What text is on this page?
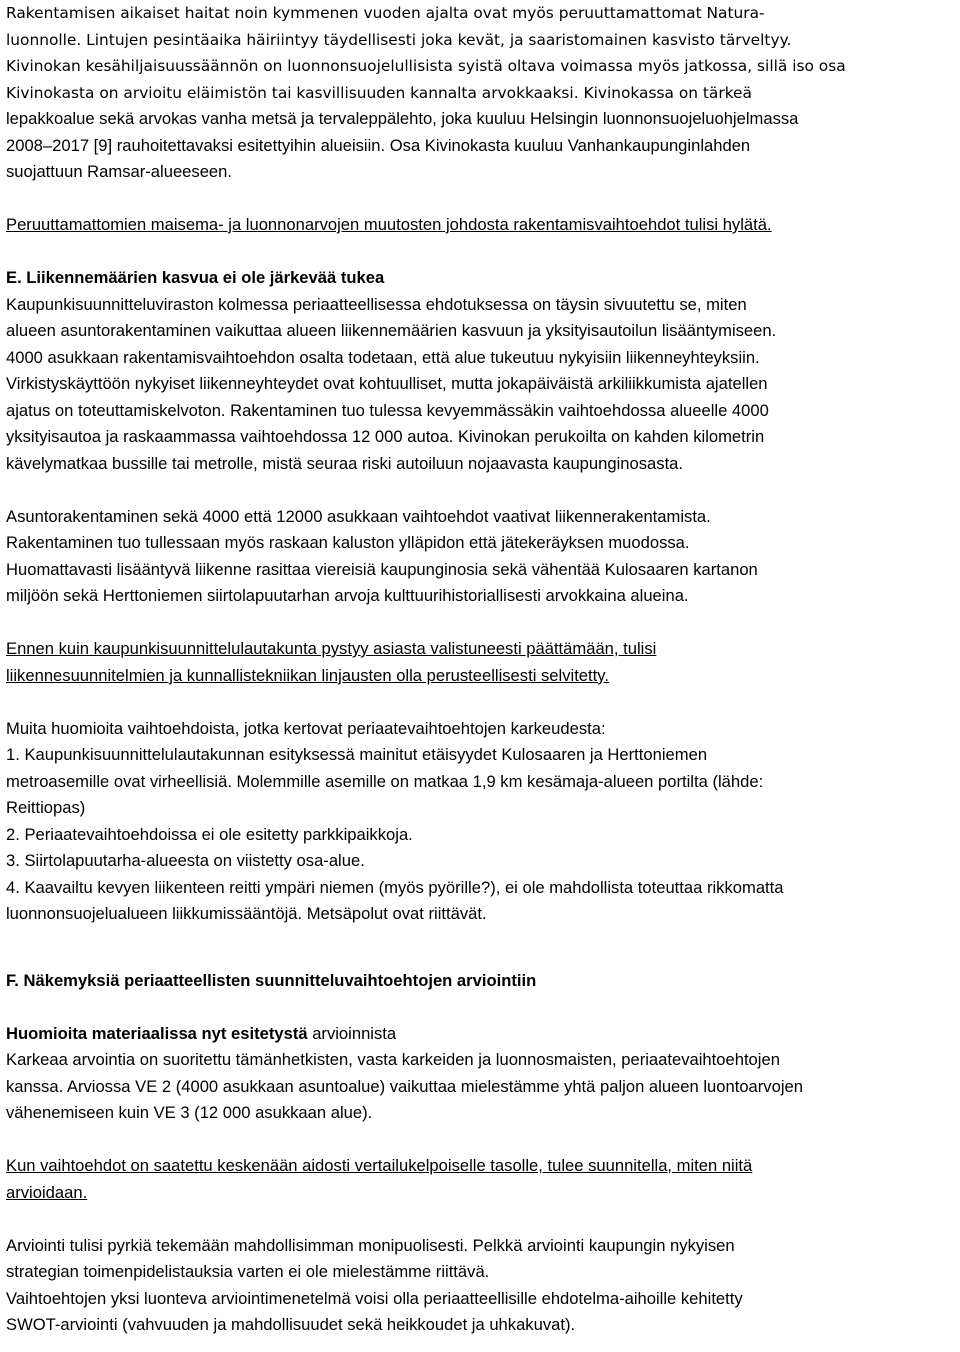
Rakentamisen aikaiset haitat noin kymmenen vuoden ajalta ovat myös peruuttamattomat Natura-
luonnolle. Lintujen pesintäaika häiriintyy täydellisesti joka kevät, ja saaristomainen kasvisto tärveltyy.
Kivinokan kesähiljaisuussäännön on luonnonsuojelullisista syistä oltava voimassa myös jatkossa, sillä iso osa
Kivinokasta on arvioitu eläimistön tai kasvillisuuden kannalta arvokkaaksi. Kivinokassa on tärkeä
lepakkoalue sekä arvokas vanha metsä ja tervaleppälehto, joka kuuluu Helsingin luonnonsuojeluohjelmassa
2008–2017 [9] rauhoitettavaksi esitettyihin alueisiin. Osa Kivinokasta kuuluu Vanhankaupunginlahden
suojattuun Ramsar-alueeseen.
Peruuttamattomien maisema- ja luonnonarvojen muutosten johdosta rakentamisvaihtoehdot tulisi hylätä.
E. Liikennemäärien kasvua ei ole järkevää tukea
Kaupunkisuunnitteluviraston kolmessa periaatteellisessa ehdotuksessa on täysin sivuutettu se, miten
alueen asuntorakentaminen vaikuttaa alueen liikennemäärien kasvuun ja yksityisautoilun lisääntymiseen.
4000 asukkaan rakentamisvaihtoehdon osalta todetaan, että alue tukeutuu nykyisiin liikenneyhteyksiin.
Virkistyskäyttöön nykyiset liikenneyhteydet ovat kohtuulliset, mutta jokapäiväistä arkiliikkumista ajatellen
ajatus on toteuttamiskelvoton. Rakentaminen tuo tulessa kevyemmässäkin vaihtoehdossa alueelle 4000
yksityisautoa ja raskaammassa vaihtoehdossa 12 000 autoa. Kivinokan perukoilta on kahden kilometrin
kävelymatkaa bussille tai metrolle, mistä seuraa riski autoiluun nojaavasta kaupunginosasta.
Asuntorakentaminen sekä 4000 että 12000 asukkaan vaihtoehdot vaativat liikennerakentamista.
Rakentaminen tuo tullessaan myös raskaan kaluston ylläpidon että jätekeräyksen muodossa.
Huomattavasti lisääntyvä liikenne rasittaa viereisiä kaupunginosia sekä vähentää Kulosaaren kartanon
miljöön sekä Herttoniemen siirtolapuutarhan arvoja kulttuurihistoriallisesti arvokkaina alueina.
Ennen kuin kaupunkisuunnittelulautakunta pystyy asiasta valistuneesti päättämään, tulisi
liikennesuunnitelmien ja kunnallistekniikan linjausten olla perusteellisesti selvitetty.
Muita huomioita vaihtoehdoista, jotka kertovat periaatevaihtoehtojen karkeudesta:
1. Kaupunkisuunnittelulautakunnan esityksessä mainitut etäisyydet Kulosaaren ja Herttoniemen
metroasemille ovat virheellisiä. Molemmille asemille on matkaa 1,9 km kesämaja-alueen portilta (lähde:
Reittiopas)
2. Periaatevaihtoehdoissa ei ole esitetty parkkipaikkoja.
3. Siirtolapuutarha-alueesta on viistetty osa-alue.
4. Kaavailtu kevyen liikenteen reitti ympäri niemen (myös pyörille?), ei ole mahdollista toteuttaa rikkomatta
luonnonsuojelualueen liikkumissääntöjä. Metsäpolut ovat riittävät.
F. Näkemyksiä periaatteellisten suunnitteluvaihtoehtojen arviointiin
Huomioita materiaalissa nyt esitetystä arvioinnista
Karkeaa arvointia on suoritettu tämänhetkisten, vasta karkeiden ja luonnosmaisten, periaatevaihtoehtojen
kanssa. Arviossa VE 2 (4000 asukkaan asuntoalue) vaikuttaa mielestämme yhtä paljon alueen luontoarvojen
vähenemiseen kuin VE 3 (12 000 asukkaan alue).
Kun vaihtoehdot on saatettu keskenään aidosti vertailukelpoiselle tasolle, tulee suunnitella, miten niitä
arvioidaan.
Arviointi tulisi pyrkiä tekemään mahdollisimman monipuolisesti. Pelkkä arviointi kaupungin nykyisen
strategian toimenpidelistauksia varten ei ole mielestämme riittävä.
Vaihtoehtojen yksi luonteva arviointimenetelmä voisi olla periaatteellisille ehdotelma-aihoille kehitetty
SWOT-arviointi (vahvuuden ja mahdollisuudet sekä heikkoudet ja uhkakuvat).
